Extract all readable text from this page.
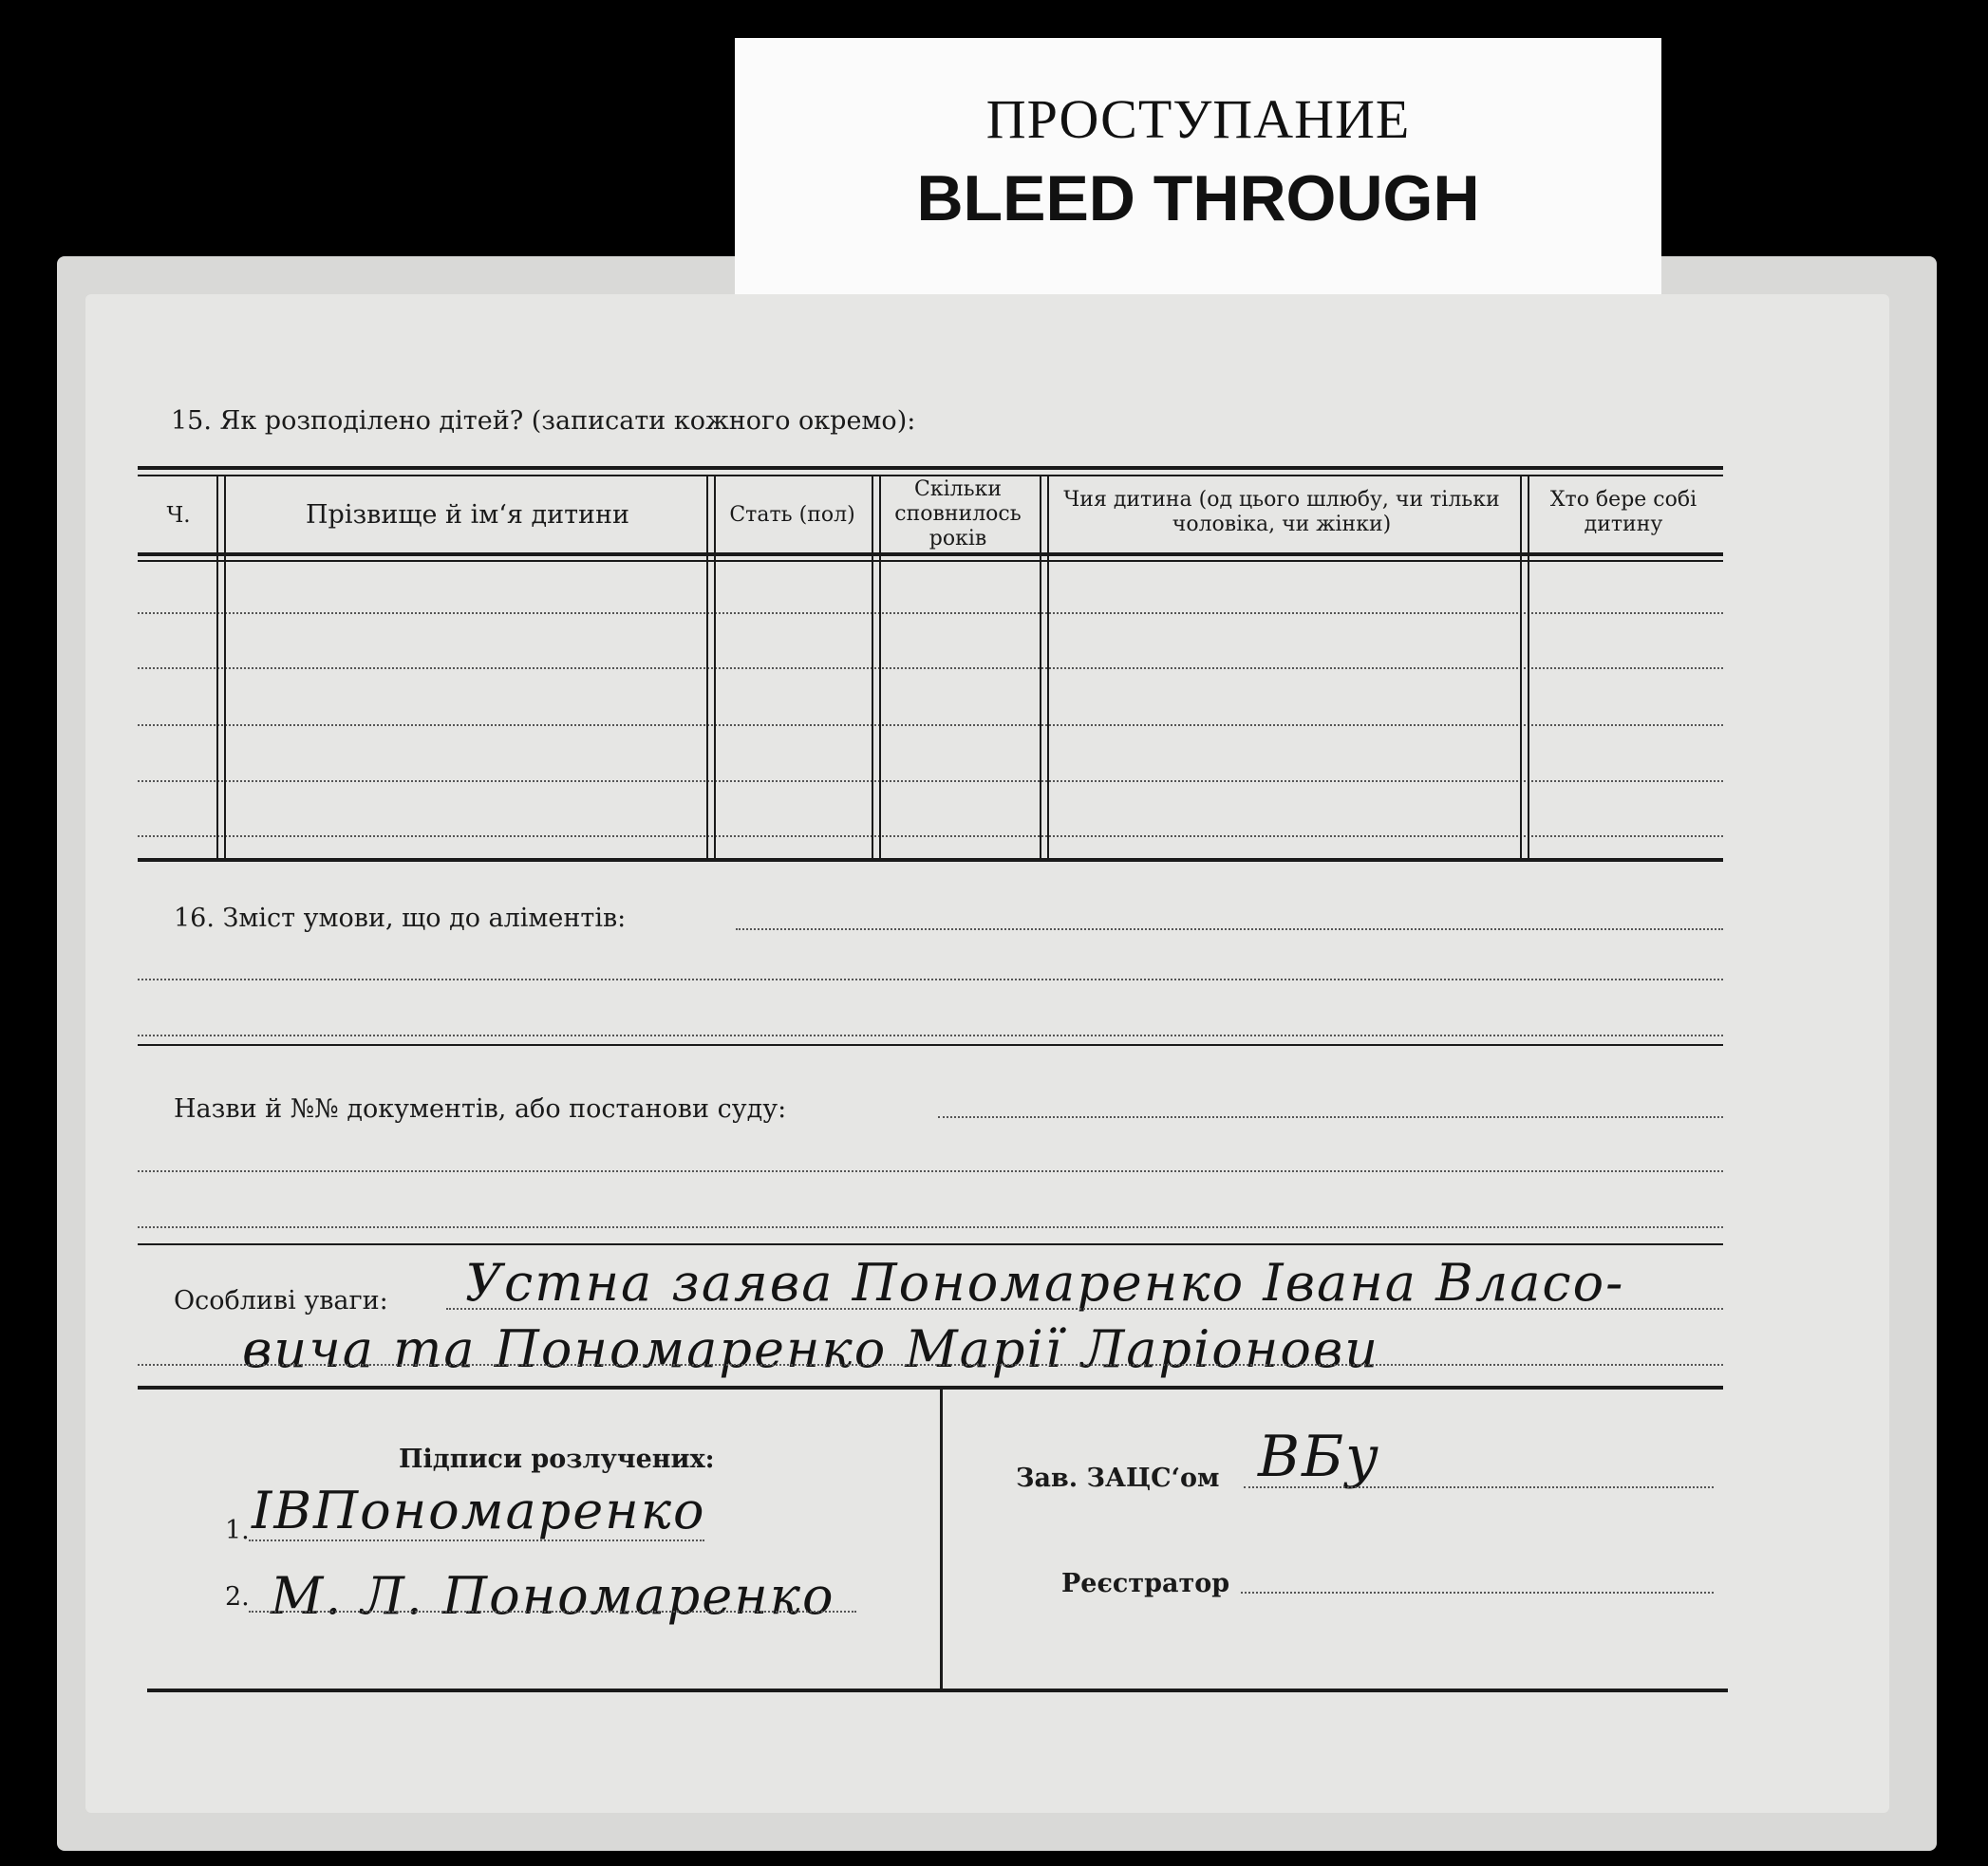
ПРОСТУПАНИЕ
BLEED THROUGH
15. Як розподілено дітей? (записати кожного окремо):
Ч.	Прізвище й ім‘я дитини	Стать (пол)
Скільки сповнилось років
Чия дитина (од цього шлюбу, чи тільки чоловіка, чи жінки)
Хто бере собі дитину
16. Зміст умови, що до аліментів:
Назви й №№ документів, або постанови суду:
Особливі уваги: Устна заява Пономаренко Івана Власо-
вича та Пономаренко Марії Ларіонови
Підписи розлучених:
1. ІВПономаренко
2. М. Л. Пономаренко
Зав. ЗАЦС‘ом ВБу
Реєстратор
